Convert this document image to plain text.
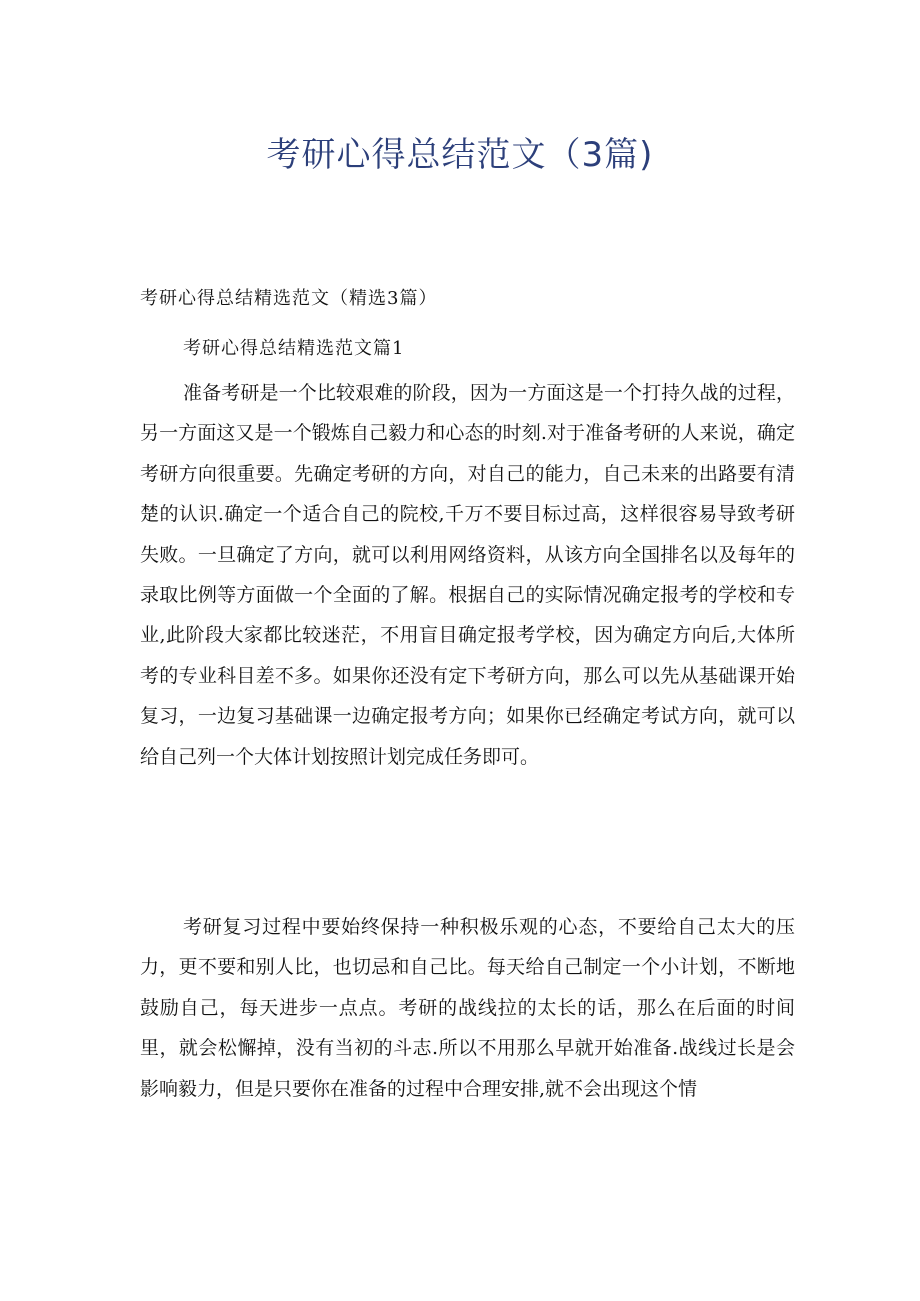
考研心得总结范文（3篇)
考研心得总结精选范文（精选3篇）
考研心得总结精选范文篇1

准备考研是一个比较艰难的阶段，因为一方面这是一个打持久战的过程，另一方面这又是一个锻炼自己毅力和心态的时刻.对于准备考研的人来说，确定考研方向很重要。先确定考研的方向，对自己的能力，自己未来的出路要有清楚的认识.确定一个适合自己的院校,千万不要目标过高，这样很容易导致考研失败。一旦确定了方向，就可以利用网络资料，从该方向全国排名以及每年的录取比例等方面做一个全面的了解。根据自己的实际情况确定报考的学校和专业,此阶段大家都比较迷茫，不用盲目确定报考学校，因为确定方向后,大体所考的专业科目差不多。如果你还没有定下考研方向，那么可以先从基础课开始复习，一边复习基础课一边确定报考方向；如果你已经确定考试方向，就可以给自己列一个大体计划按照计划完成任务即可。

考研复习过程中要始终保持一种积极乐观的心态，不要给自己太大的压力，更不要和别人比，也切忌和自己比。每天给自己制定一个小计划，不断地鼓励自己，每天进步一点点。考研的战线拉的太长的话，那么在后面的时间里，就会松懈掉，没有当初的斗志.所以不用那么早就开始准备.战线过长是会影响毅力，但是只要你在准备的过程中合理安排,就不会出现这个情
